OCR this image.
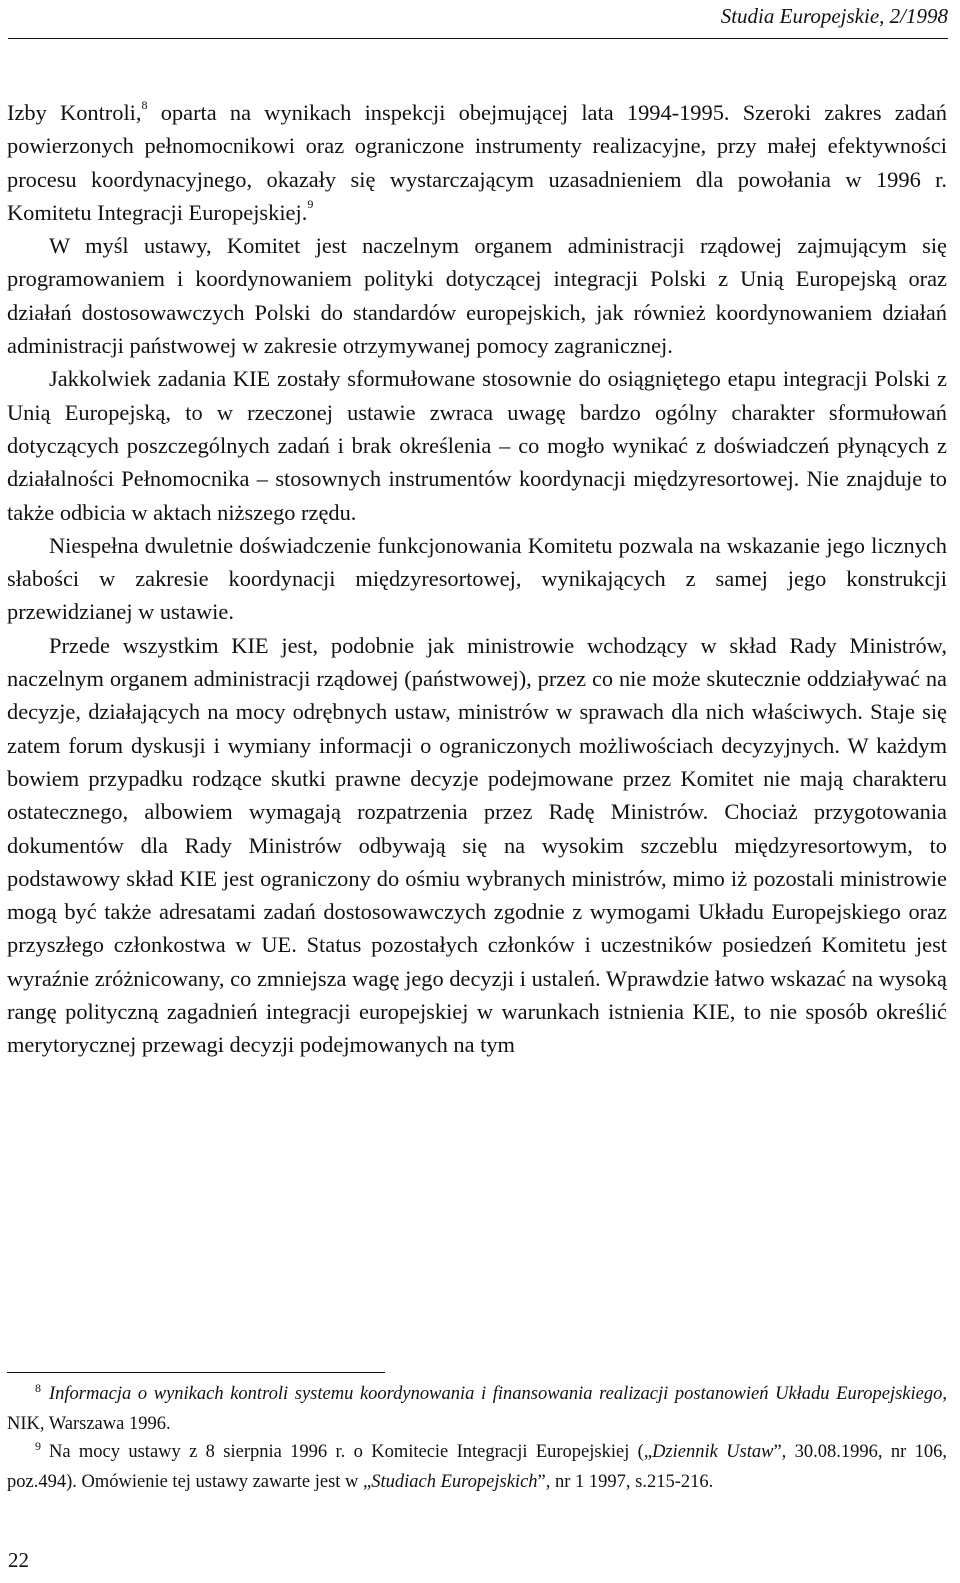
Studia Europejskie, 2/1998

Izby Kontroli,$^8$ oparta na wynikach inspekcji obejmującej lata 1994-1995. Szeroki zakres zadań powierzonych pełnomocnikowi oraz ograniczone instrumenty realizacyjne, przy małej efektywności procesu koordynacyjnego, okazały się wystarczającym uzasadnieniem dla powołania w 1996 r. Komitetu Integracji Europejskiej.$^9$

W myśl ustawy, Komitet jest naczelnym organem administracji rządowej zajmującym się programowaniem i koordynowaniem polityki dotyczącej integracji Polski z Unią Europejską oraz działań dostosowawczych Polski do standardów europejskich, jak również koordynowaniem działań administracji państwowej w zakresie otrzymywanej pomocy zagranicznej.

Jakkolwiek zadania KIE zostały sformułowane stosownie do osiągniętego etapu integracji Polski z Unią Europejską, to w rzeczonej ustawie zwraca uwagę bardzo ogólny charakter sformułowań dotyczących poszczególnych zadań i brak określenia – co mogło wynikać z doświadczeń płynących z działalności Pełnomocnika – stosownych instrumentów koordynacji międzyresortowej. Nie znajduje to także odbicia w aktach niższego rzędu.

Niespełna dwuletnie doświadczenie funkcjonowania Komitetu pozwala na wskazanie jego licznych słabości w zakresie koordynacji międzyresortowej, wynikających z samej jego konstrukcji przewidzianej w ustawie.

Przede wszystkim KIE jest, podobnie jak ministrowie wchodzący w skład Rady Ministrów, naczelnym organem administracji rządowej (państwowej), przez co nie może skutecznie oddziaływać na decyzje, działających na mocy odrębnych ustaw, ministrów w sprawach dla nich właściwych. Staje się zatem forum dyskusji i wymiany informacji o ograniczonych możliwościach decyzyjnych. W każdym bowiem przypadku rodzące skutki prawne decyzje podejmowane przez Komitet nie mają charakteru ostatecznego, albowiem wymagają rozpatrzenia przez Radę Ministrów. Chociaż przygotowania dokumentów dla Rady Ministrów odbywają się na wysokim szczeblu międzyresortowym, to podstawowy skład KIE jest ograniczony do ośmiu wybranych ministrów, mimo iż pozostali ministrowie mogą być także adresatami zadań dostosowawczych zgodnie z wymogami Układu Europejskiego oraz przyszłego członkostwa w UE. Status pozostałych członków i uczestników posiedzeń Komitetu jest wyraźnie zróżnicowany, co zmniejsza wagę jego decyzji i ustaleń. Wprawdzie łatwo wskazać na wysoką rangę polityczną zagadnień integracji europejskiej w warunkach istnienia KIE, to nie sposób określić merytorycznej przewagi decyzji podejmowanych na tym

$^8$ Informacja o wynikach kontroli systemu koordynowania i finansowania realizacji postanowień Układu Europejskiego, NIK, Warszawa 1996.

$^9$ Na mocy ustawy z 8 sierpnia 1996 r. o Komitecie Integracji Europejskiej („Dziennik Ustaw”, 30.08.1996, nr 106, poz.494). Omówienie tej ustawy zawarte jest w „Studiach Europejskich”, nr 1 1997, s.215-216.

22
